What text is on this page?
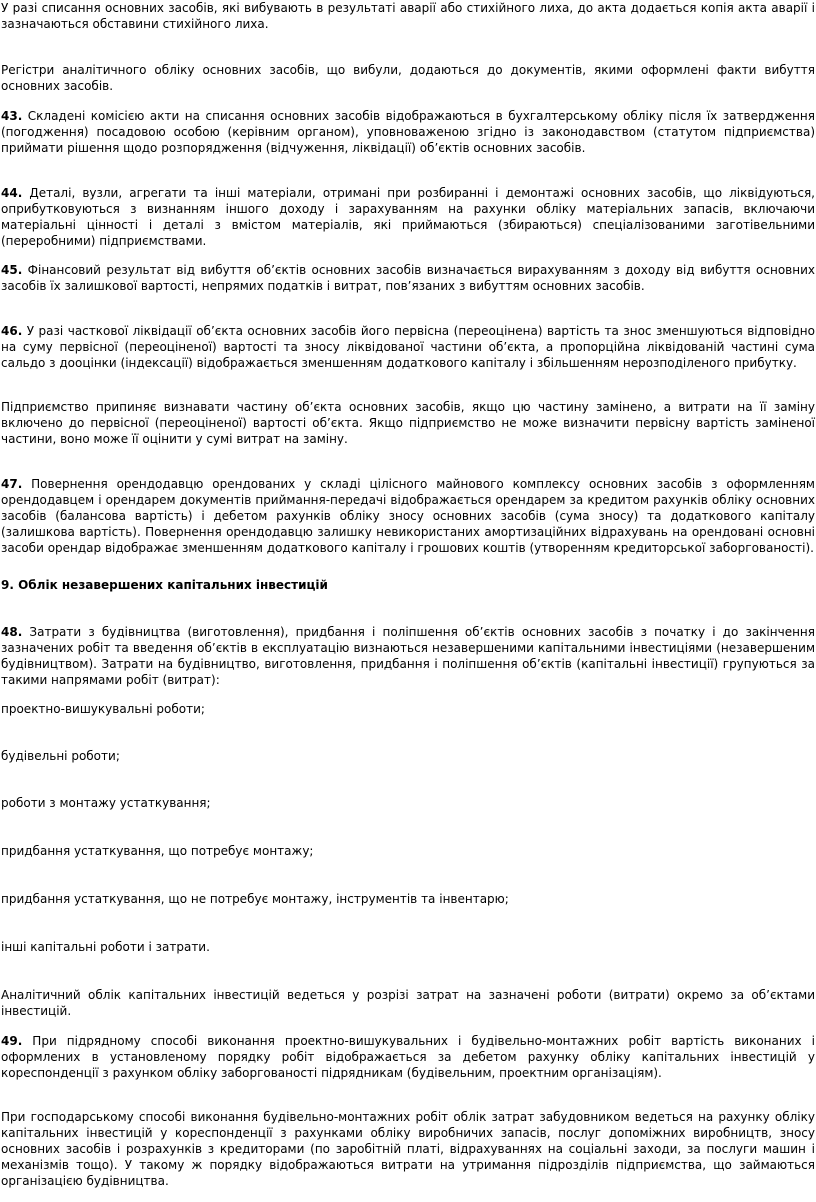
У разі списання основних засобів, які вибувають в результаті аварії або стихійного лиха, до акта додається копія акта аварії і зазначаються обставини стихійного лиха.

Регістри аналітичного обліку основних засобів, що вибули, додаються до документів, якими оформлені факти вибуття основних засобів.

43. Складені комісією акти на списання основних засобів відображаються в бухгалтерському обліку після їх затвердження (погодження) посадовою особою (керівним органом), уповноваженою згідно із законодавством (статутом підприємства) приймати рішення щодо розпорядження (відчуження, ліквідації) об’єктів основних засобів.

44. Деталі, вузли, агрегати та інші матеріали, отримані при розбиранні і демонтажі основних засобів, що ліквідуються, оприбутковуються з визнанням іншого доходу і зарахуванням на рахунки обліку матеріальних запасів, включаючи матеріальні цінності і деталі з вмістом матеріалів, які приймаються (збираються) спеціалізованими заготівельними (переробними) підприємствами.

45. Фінансовий результат від вибуття об’єктів основних засобів визначається вирахуванням з доходу від вибуття основних засобів їх залишкової вартості, непрямих податків і витрат, пов’язаних з вибуттям основних засобів.

46. У разі часткової ліквідації об’єкта основних засобів його первісна (переоцінена) вартість та знос зменшуються відповідно на суму первісної (переоціненої) вартості та зносу ліквідованої частини об’єкта, а пропорційна ліквідованій частині сума сальдо з дооцінки (індексації) відображається зменшенням додаткового капіталу і збільшенням нерозподіленого прибутку.

Підприємство припиняє визнавати частину об’єкта основних засобів, якщо цю частину замінено, а витрати на її заміну включено до первісної (переоціненої) вартості об’єкта. Якщо підприємство не може визначити первісну вартість заміненої частини, воно може її оцінити у сумі витрат на заміну.

47. Повернення орендодавцю орендованих у складі цілісного майнового комплексу основних засобів з оформленням орендодавцем і орендарем документів приймання-передачі відображається орендарем за кредитом рахунків обліку основних засобів (балансова вартість) і дебетом рахунків обліку зносу основних засобів (сума зносу) та додаткового капіталу (залишкова вартість). Повернення орендодавцю залишку невикористаних амортизаційних відрахувань на орендовані основні засоби орендар відображає зменшенням додаткового капіталу і грошових коштів (утворенням кредиторської заборгованості).

9. Облік незавершених капітальних інвестицій

48. Затрати з будівництва (виготовлення), придбання і поліпшення об’єктів основних засобів з початку і до закінчення зазначених робіт та введення об’єктів в експлуатацію визнаються незавершеними капітальними інвестиціями (незавершеним будівництвом). Затрати на будівництво, виготовлення, придбання і поліпшення об’єктів (капітальні інвестиції) групуються за такими напрямами робіт (витрат):

проектно-вишукувальні роботи;

будівельні роботи;

роботи з монтажу устаткування;

придбання устаткування, що потребує монтажу;

придбання устаткування, що не потребує монтажу, інструментів та інвентарю;

інші капітальні роботи і затрати.

Аналітичний облік капітальних інвестицій ведеться у розрізі затрат на зазначені роботи (витрати) окремо за об’єктами інвестицій.

49. При підрядному способі виконання проектно-вишукувальних і будівельно-монтажних робіт вартість виконаних і оформлених в установленому порядку робіт відображається за дебетом рахунку обліку капітальних інвестицій у кореспонденції з рахунком обліку заборгованості підрядникам (будівельним, проектним організаціям).

При господарському способі виконання будівельно-монтажних робіт облік затрат забудовником ведеться на рахунку обліку капітальних інвестицій у кореспонденції з рахунками обліку виробничих запасів, послуг допоміжних виробництв, зносу основних засобів і розрахунків з кредиторами (по заробітній платі, відрахуваннях на соціальні заходи, за послуги машин і механізмів тощо). У такому ж порядку відображаються витрати на утримання підрозділів підприємства, що займаються організацією будівництва.
